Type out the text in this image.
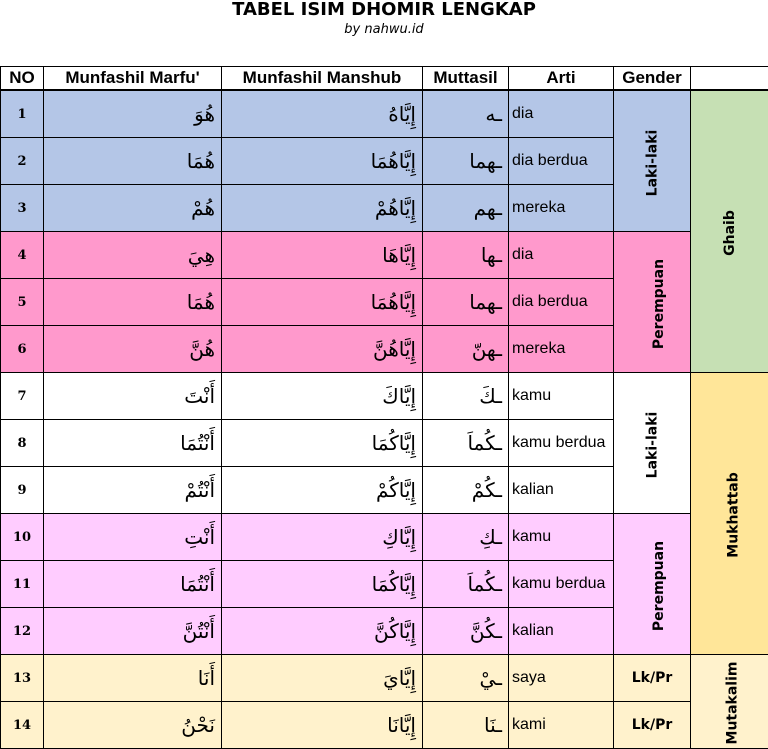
TABEL ISIM DHOMIR LENGKAP
by nahwu.id
NO	Munfashil Marfu'	Munfashil Manshub	Muttasil	Arti	Gender	
1	هُوَ	إِيَّاهُ	ـه	dia	Laki-laki	Ghaib
2	هُمَا	إِيَّاهُمَا	ـهما	dia berdua		
3	هُمْ	إِيَّاهُمْ	ـهم	mereka		
4	هِيَ	إِيَّاهَا	ـها	dia	Perempuan	
5	هُمَا	إِيَّاهُمَا	ـهما	dia berdua		
6	هُنَّ	إِيَّاهُنَّ	ـهنّ	mereka		
7	أَنْتَ	إِيَّاكَ	ـكَ	kamu	Laki-laki	Mukhattab
8	أَنْتُمَا	إِيَّاكُمَا	ـكُماَ	kamu berdua		
9	أَنْتُمْ	إِيَّاكُمْ	ـكُمْ	kalian		
10	أَنْتِ	إِيَّاكِ	ـكِ	kamu	Perempuan	
11	أَنْتُمَا	إِيَّاكُمَا	ـكُماَ	kamu berdua		
12	أَنْتُنَّ	إِيَّاكُنَّ	ـكُنَّ	kalian		
13	أَنَا	إِيَّايَ	ـيْ	saya	Lk/Pr	Mutakalim
14	نَحْنُ	إِيَّانَا	ـنَا	kami	Lk/Pr	
